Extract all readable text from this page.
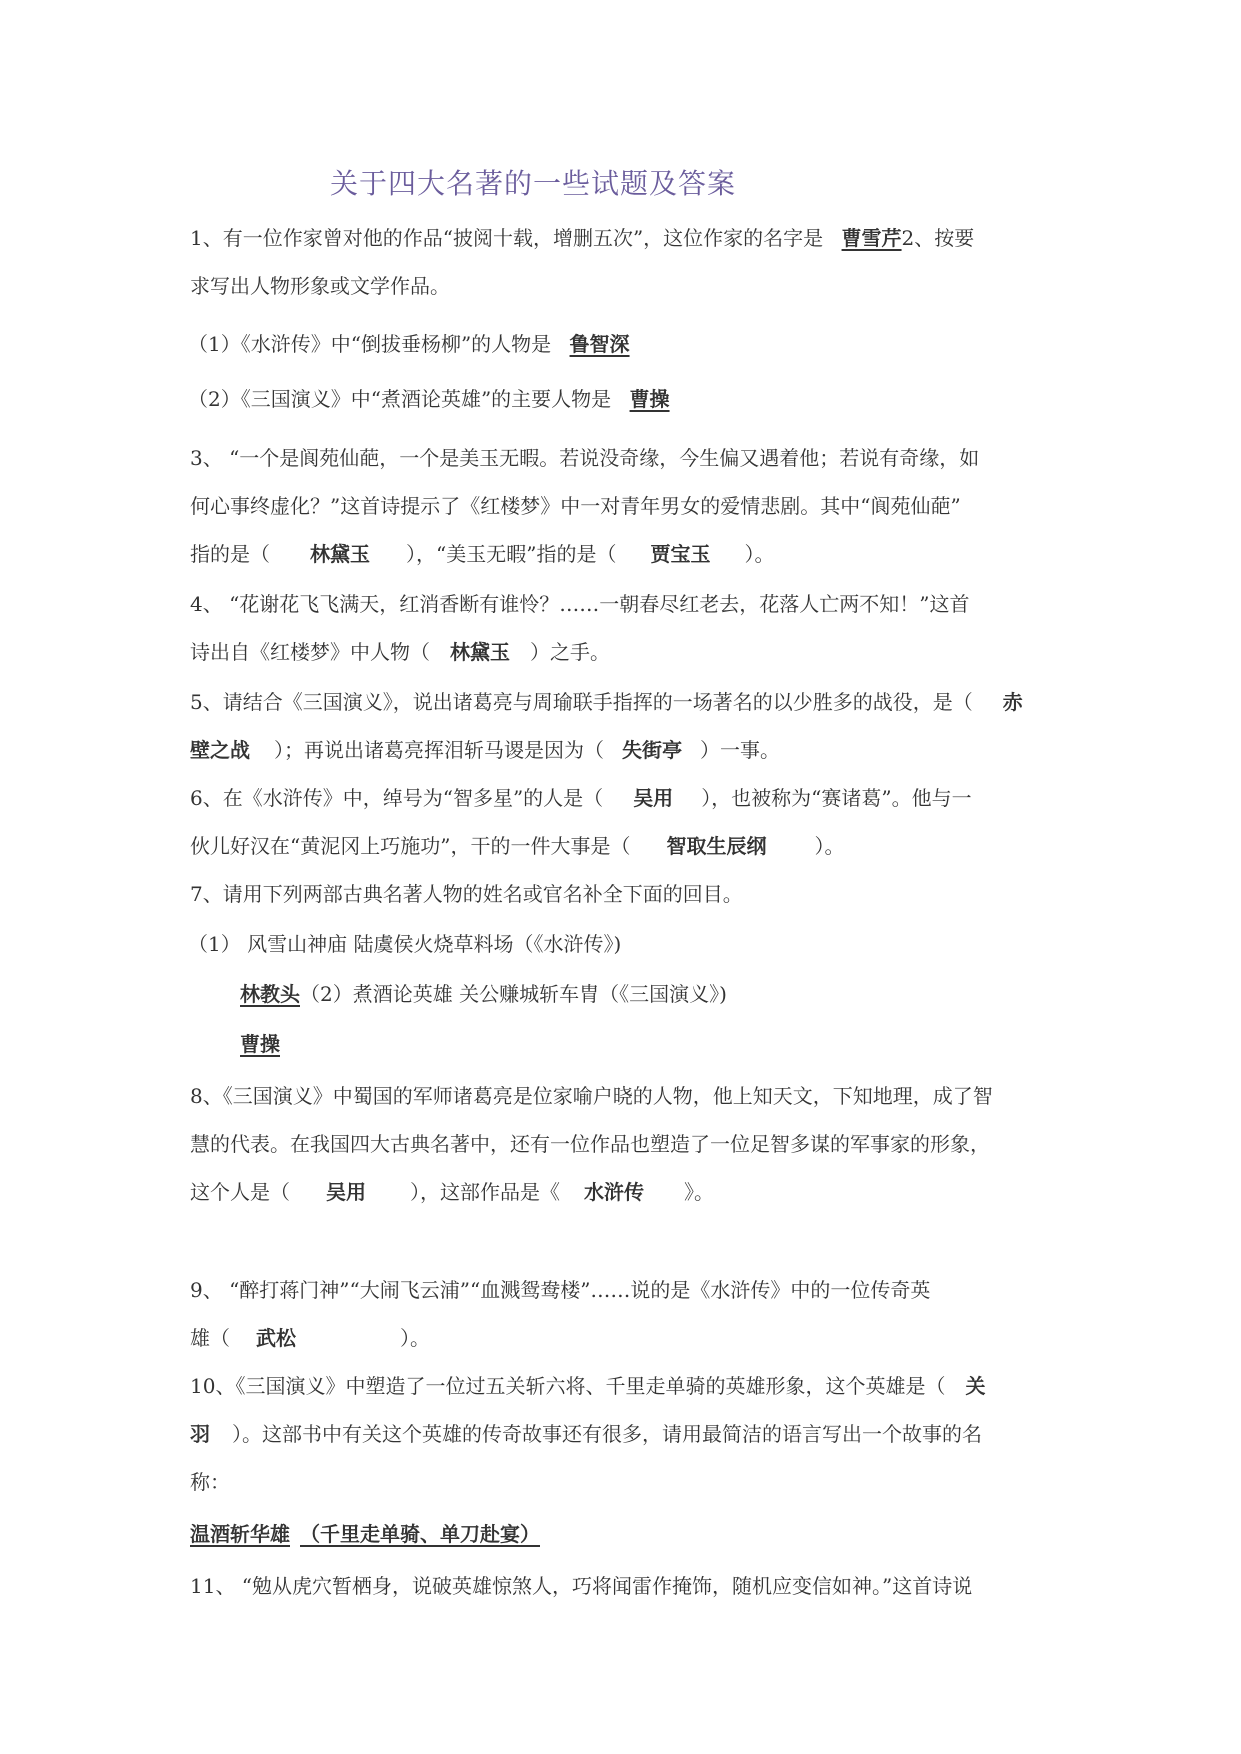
关于四大名著的一些试题及答案
1、有一位作家曾对他的作品“披阅十载，增删五次”，这位作家的名字是 曹雪芹2、按要
求写出人物形象或文学作品。
（1）《水浒传》中“倒拔垂杨柳”的人物是 鲁智深
（2）《三国演义》中“煮酒论英雄”的主要人物是 曹操
3、 “一个是阆苑仙葩，一个是美玉无暇。若说没奇缘，今生偏又遇着他；若说有奇缘，如
何心事终虚化？”这首诗提示了《红楼梦》中一对青年男女的爱情悲剧。其中“阆苑仙葩”
指的是（ 林黛玉 ），“美玉无暇”指的是（ 贾宝玉 ）。
4、 “花谢花飞飞满天，红消香断有谁怜？……一朝春尽红老去，花落人亡两不知！”这首
诗出自《红楼梦》中人物（ 林黛玉 ）之手。
5、请结合《三国演义》，说出诸葛亮与周瑜联手指挥的一场著名的以少胜多的战役，是（ 赤
壁之战 ）；再说出诸葛亮挥泪斩马谡是因为（ 失街亭 ）一事。
6、在《水浒传》中，绰号为“智多星”的人是（ 吴用 ），也被称为“赛诸葛”。他与一
伙儿好汉在“黄泥冈上巧施功”，干的一件大事是（ 智取生辰纲 ）。
7、请用下列两部古典名著人物的姓名或官名补全下面的回目。
（1） 风雪山神庙 陆虞侯火烧草料场（《水浒传》)
林教头（2）煮酒论英雄 关公赚城斩车胄（《三国演义》)
曹操
8、《三国演义》中蜀国的军师诸葛亮是位家喻户晓的人物，他上知天文，下知地理，成了智
慧的代表。在我国四大古典名著中，还有一位作品也塑造了一位足智多谋的军事家的形象，
这个人是（ 吴用 ），这部作品是《 水浒传 》。
9、 “醉打蒋门神”“大闹飞云浦”“血溅鸳鸯楼”……说的是《水浒传》中的一位传奇英
雄（ 武松	）。
10、《三国演义》中塑造了一位过五关斩六将、千里走单骑的英雄形象，这个英雄是（ 关
羽 ）。这部书中有关这个英雄的传奇故事还有很多，请用最简洁的语言写出一个故事的名
称：
温酒斩华雄 （千里走单骑、单刀赴宴）
11、 “勉从虎穴暂栖身，说破英雄惊煞人，巧将闻雷作掩饰，随机应变信如神。”这首诗说
